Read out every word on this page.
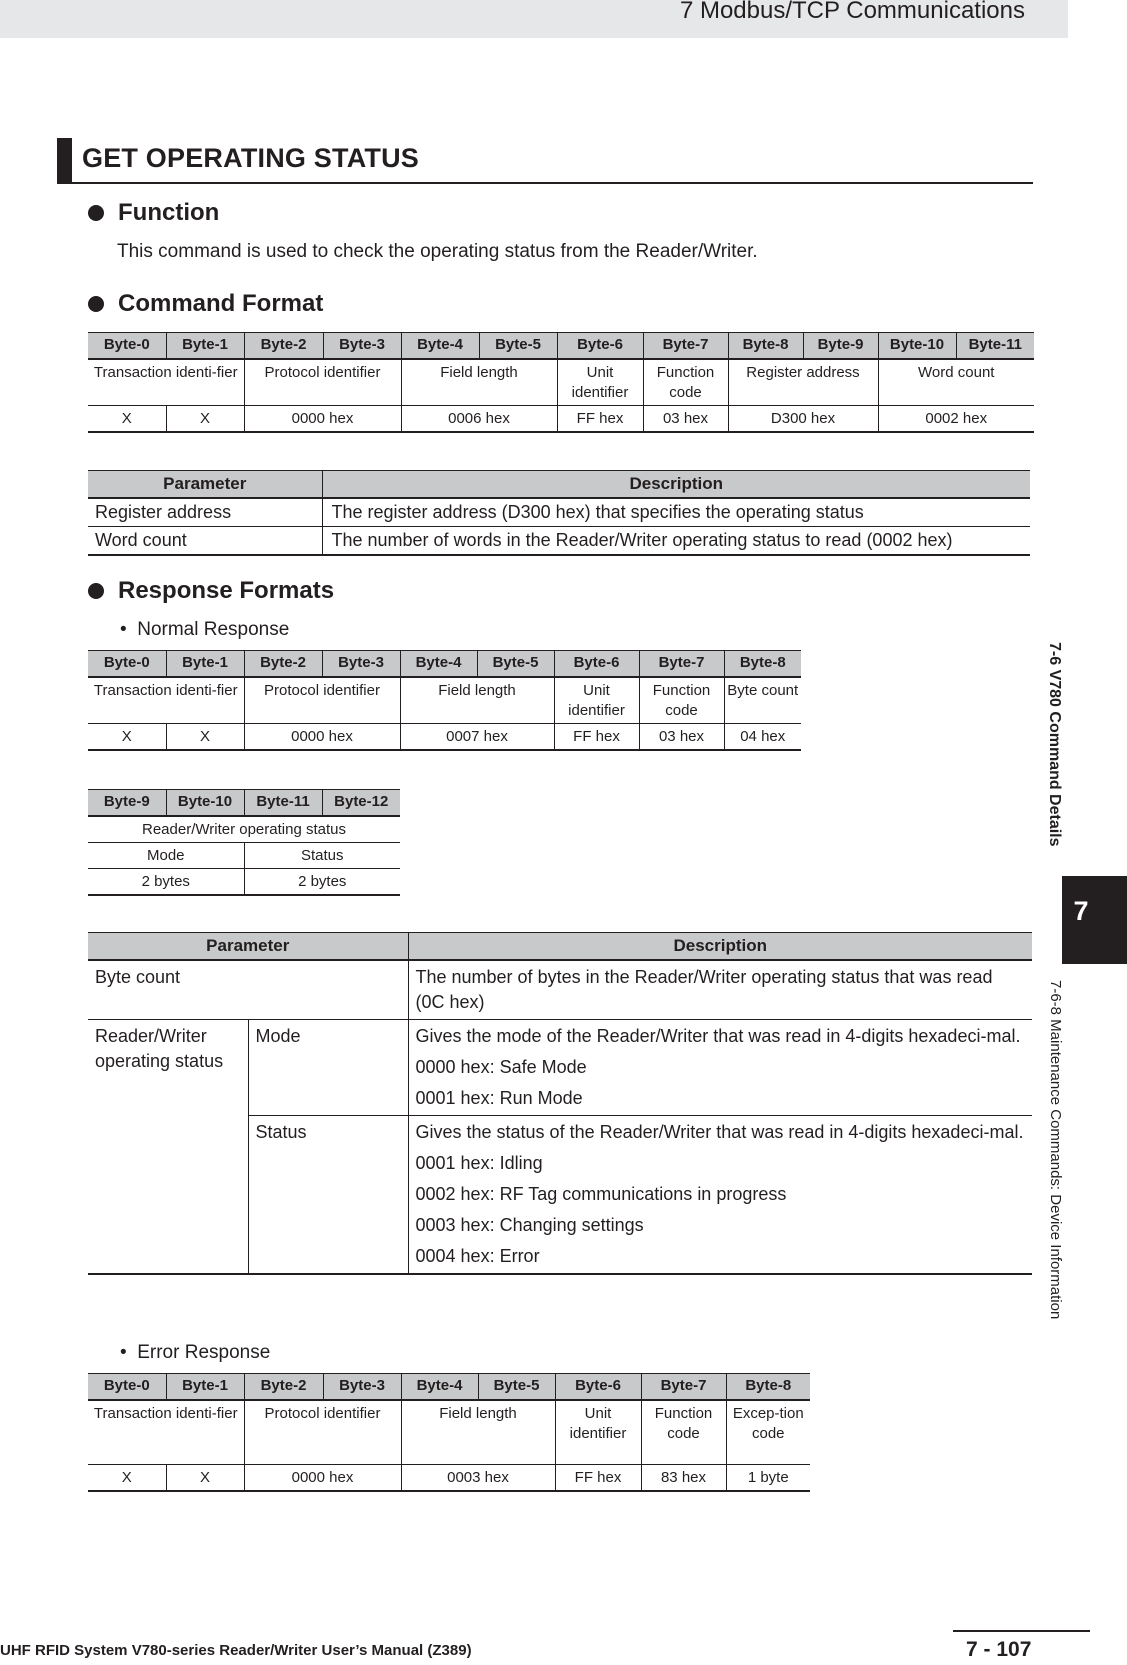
7 Modbus/TCP Communications
GET OPERATING STATUS
Function
This command is used to check the operating status from the Reader/Writer.
Command Format
Byte-0	Byte-1	Byte-2	Byte-3	Byte-4	Byte-5	Byte-6	Byte-7	Byte-8	Byte-9	Byte-10	Byte-11
Transaction identi-fier		Protocol identifier		Field length		Unit identifier	Function code	Register address		Word count	
X	X	0000 hex		0006 hex		FF hex	03 hex	D300 hex		0002 hex	
Parameter	Description
Register address	The register address (D300 hex) that specifies the operating status
Word count	The number of words in the Reader/Writer operating status to read (0002 hex)
Response Formats
•  Normal Response
Byte-0	Byte-1	Byte-2	Byte-3	Byte-4	Byte-5	Byte-6	Byte-7	Byte-8
Transaction identi-fier		Protocol identifier		Field length		Unit identifier	Function code	Byte count
X	X	0000 hex		0007 hex		FF hex	03 hex	04 hex
Byte-9	Byte-10	Byte-11	Byte-12
Reader/Writer operating status			
Mode		Status	
2 bytes		2 bytes	
Parameter		Description
Byte count		The number of bytes in the Reader/Writer operating status that was read (0C hex)
Reader/Writer operating status	Mode	Gives the mode of the Reader/Writer that was read in 4-digits hexadeci-mal.
0000 hex: Safe Mode
0001 hex: Run Mode

	Status	Gives the status of the Reader/Writer that was read in 4-digits hexadeci-mal.
0001 hex: Idling
0002 hex: RF Tag communications in progress
0003 hex: Changing settings
0004 hex: Error
•  Error Response
Byte-0	Byte-1	Byte-2	Byte-3	Byte-4	Byte-5	Byte-6	Byte-7	Byte-8
Transaction identi-fier		Protocol identifier		Field length		Unit identifier	Function code	Excep-tion code
X	X	0000 hex		0003 hex		FF hex	83 hex	1 byte
7-6 V780 Command Details
7
7-6-8 Maintenance Commands: Device Information
UHF RFID System V780-series Reader/Writer User’s Manual (Z389)	7 - 107
